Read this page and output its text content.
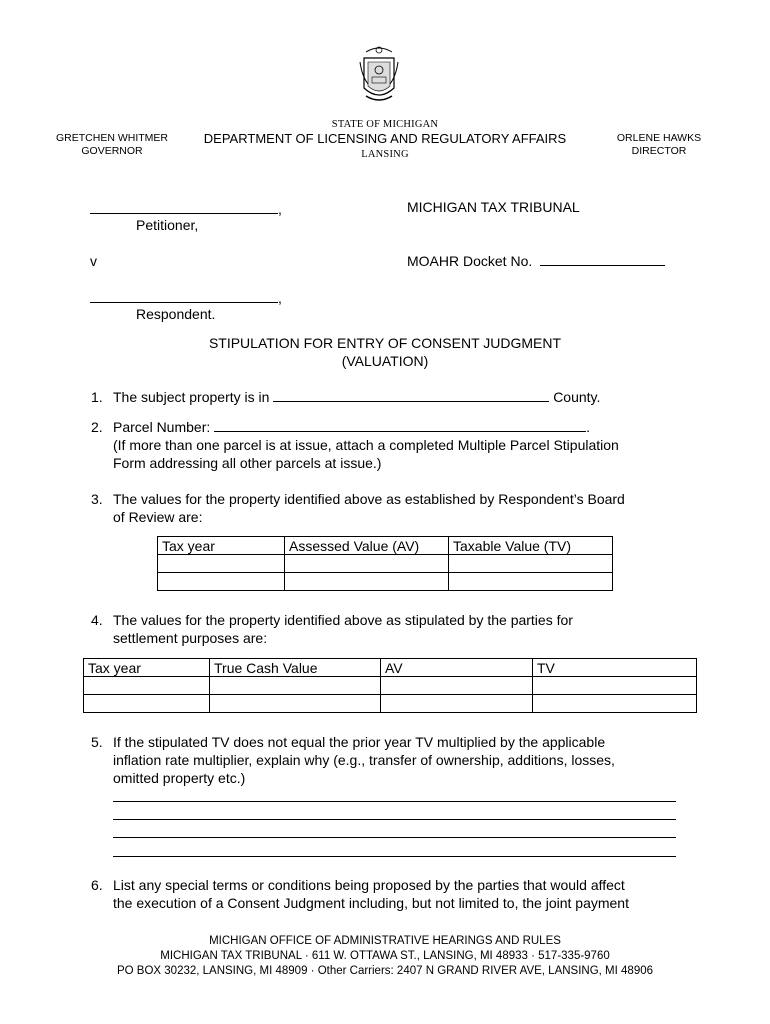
STATE OF MICHIGAN
DEPARTMENT OF LICENSING AND REGULATORY AFFAIRS
LANSING
GRETCHEN WHITMER
GOVERNOR
ORLENE HAWKS
DIRECTOR
,
Petitioner,
v
,
Respondent.
MICHIGAN TAX TRIBUNAL
MOAHR Docket No.
STIPULATION FOR ENTRY OF CONSENT JUDGMENT
(VALUATION)
1. The subject property is in	County.
2. Parcel Number:	.
(If more than one parcel is at issue, attach a completed Multiple Parcel Stipulation
Form addressing all other parcels at issue.)
3. The values for the property identified above as established by Respondent’s Board
of Review are:
Tax year	Assessed Value (AV)	Taxable Value (TV)

4. The values for the property identified above as stipulated by the parties for
settlement purposes are:
Tax year	True Cash Value	AV	TV

5. If the stipulated TV does not equal the prior year TV multiplied by the applicable
inflation rate multiplier, explain why (e.g., transfer of ownership, additions, losses,
omitted property etc.)
6. List any special terms or conditions being proposed by the parties that would affect
the execution of a Consent Judgment including, but not limited to, the joint payment
MICHIGAN OFFICE OF ADMINISTRATIVE HEARINGS AND RULES
MICHIGAN TAX TRIBUNAL · 611 W. OTTAWA ST., LANSING, MI 48933 · 517-335-9760
PO BOX 30232, LANSING, MI 48909 · Other Carriers: 2407 N GRAND RIVER AVE, LANSING, MI 48906
